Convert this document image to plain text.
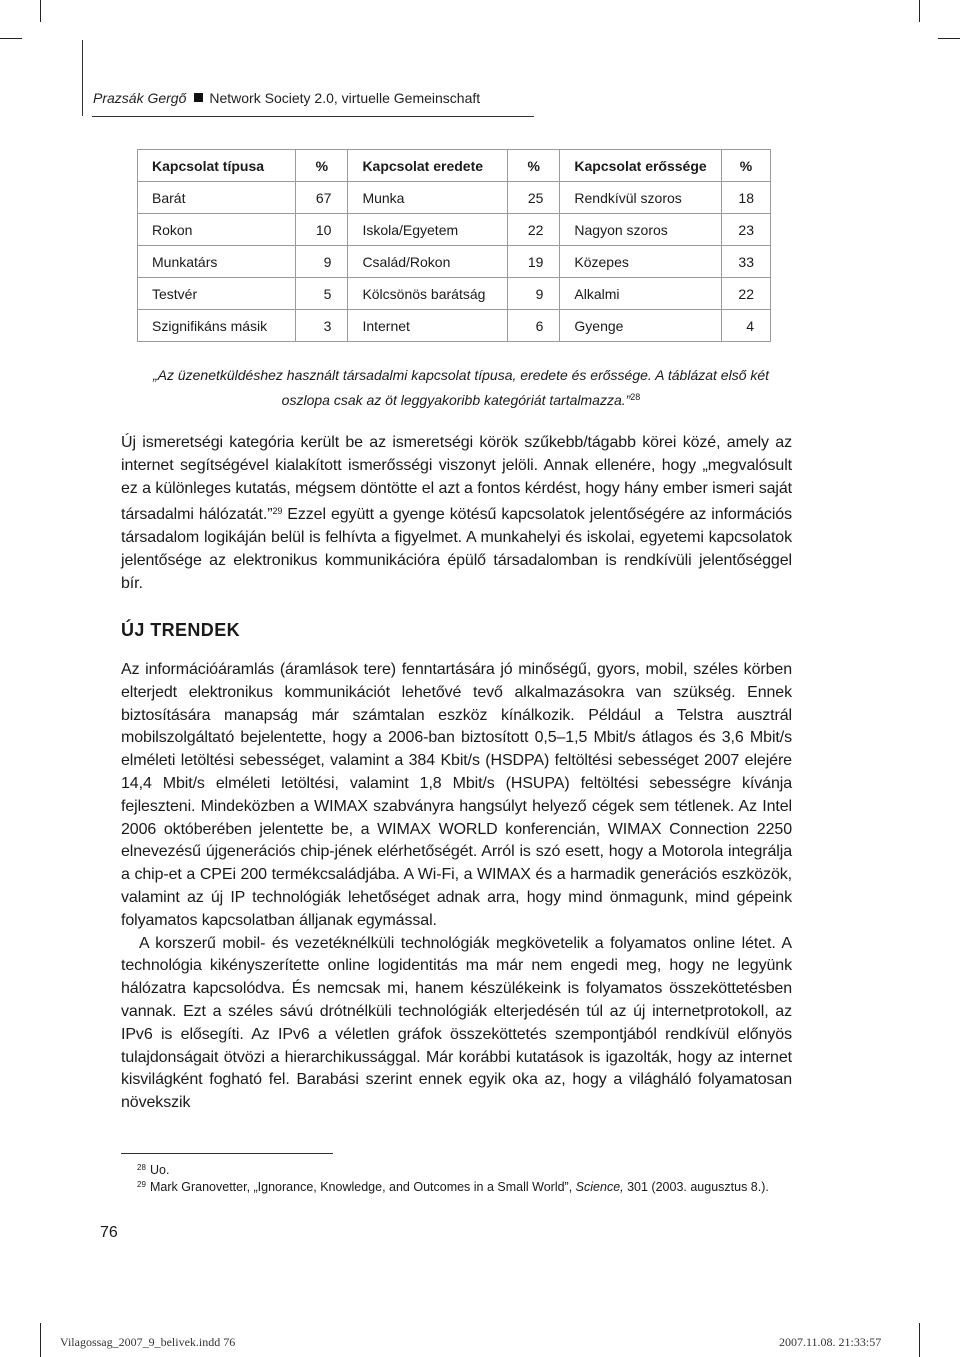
Prazsák Gergő Network Society 2.0, virtuelle Gemeinschaft
Kapcsolat típusa	%	Kapcsolat eredete	%	Kapcsolat erőssége	%
Barát	67	Munka	25	Rendkívül szoros	18
Rokon	10	Iskola/Egyetem	22	Nagyon szoros	23
Munkatárs	9	Család/Rokon	19	Közepes	33
Testvér	5	Kölcsönös barátság	9	Alkalmi	22
Szignifikáns másik	3	Internet	6	Gyenge	4
„Az üzenetküldéshez használt társadalmi kapcsolat típusa, eredete és erőssége. A táblázat első két oszlopa csak az öt leggyakoribb kategóriát tartalmazza.”$^{28}$

Új ismeretségi kategória került be az ismeretségi körök szűkebb/tágabb körei közé, amely az internet segítségével kialakított ismerősségi viszonyt jelöli. Annak ellenére, hogy „megvalósult ez a különleges kutatás, mégsem döntötte el azt a fontos kérdést, hogy hány ember ismeri saját társadalmi hálózatát.”$^{29}$ Ezzel együtt a gyenge kötésű kapcsolatok jelentőségére az információs társadalom logikáján belül is felhívta a figyelmet. A munkahelyi és iskolai, egyetemi kapcsolatok jelentősége az elektronikus kommunikációra épülő társadalomban is rendkívüli jelentőséggel bír.

ÚJ TRENDEK

Az információáramlás (áramlások tere) fenntartására jó minőségű, gyors, mobil, széles körben elterjedt elektronikus kommunikációt lehetővé tevő alkalmazásokra van szükség. Ennek biztosítására manapság már számtalan eszköz kínálkozik. Például a Telstra ausztrál mobilszolgáltató bejelentette, hogy a 2006-ban biztosított 0,5–1,5 Mbit/s átlagos és 3,6 Mbit/s elméleti letöltési sebességet, valamint a 384 Kbit/s (HSDPA) feltöltési sebességet 2007 elejére 14,4 Mbit/s elméleti letöltési, valamint 1,8 Mbit/s (HSUPA) feltöltési sebességre kívánja fejleszteni. Mindeközben a WIMAX szabványra hangsúlyt helyező cégek sem tétlenek. Az Intel 2006 októberében jelentette be, a WIMAX WORLD konferencián, WIMAX Connection 2250 elnevezésű újgenerációs chip-jének elérhetőségét. Arról is szó esett, hogy a Motorola integrálja a chip-et a CPEi 200 termékcsaládjába. A Wi-Fi, a WIMAX és a harmadik generációs eszközök, valamint az új IP technológiák lehetőséget adnak arra, hogy mind önmagunk, mind gépeink folyamatos kapcsolatban álljanak egymással.

A korszerű mobil- és vezetéknélküli technológiák megkövetelik a folyamatos online létet. A technológia kikényszerítette online logidentitás ma már nem engedi meg, hogy ne legyünk hálózatra kapcsolódva. És nemcsak mi, hanem készülékeink is folyamatos összeköttetésben vannak. Ezt a széles sávú drótnélküli technológiák elterjedésén túl az új internetprotokoll, az IPv6 is elősegíti. Az IPv6 a véletlen gráfok összeköttetés szempontjából rendkívül előnyös tulajdonságait ötvözi a hierarchikussággal. Már korábbi kutatások is igazolták, hogy az internet kisvilágként fogható fel. Barabási szerint ennek egyik oka az, hogy a világháló folyamatosan növekszik

28 Uo.
29 Mark Granovetter, „Ignorance, Knowledge, and Outcomes in a Small World”, Science, 301 (2003. augusztus 8.).
76
Vilagossag_2007_9_belivek.indd 76	2007.11.08. 21:33:57
